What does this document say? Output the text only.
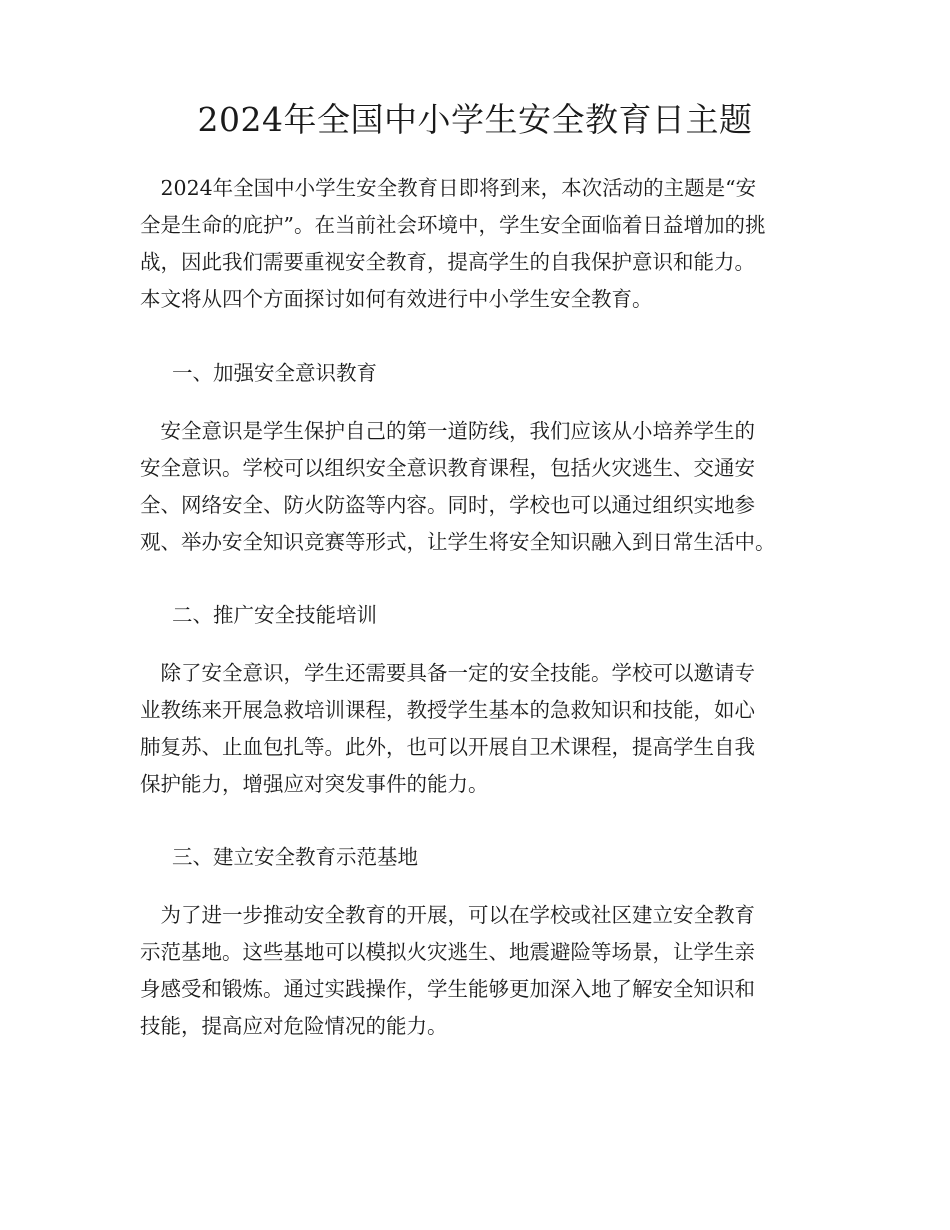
2024年全国中小学生安全教育日主题

　2024年全国中小学生安全教育日即将到来，本次活动的主题是“安

全是生命的庇护”。在当前社会环境中，学生安全面临着日益增加的挑

战，因此我们需要重视安全教育，提高学生的自我保护意识和能力。

本文将从四个方面探讨如何有效进行中小学生安全教育。

一、加强安全意识教育

　安全意识是学生保护自己的第一道防线，我们应该从小培养学生的

安全意识。学校可以组织安全意识教育课程，包括火灾逃生、交通安

全、网络安全、防火防盗等内容。同时，学校也可以通过组织实地参

观、举办安全知识竞赛等形式，让学生将安全知识融入到日常生活中。

二、推广安全技能培训

　除了安全意识，学生还需要具备一定的安全技能。学校可以邀请专

业教练来开展急救培训课程，教授学生基本的急救知识和技能，如心

肺复苏、止血包扎等。此外，也可以开展自卫术课程，提高学生自我

保护能力，增强应对突发事件的能力。

三、建立安全教育示范基地

　为了进一步推动安全教育的开展，可以在学校或社区建立安全教育

示范基地。这些基地可以模拟火灾逃生、地震避险等场景，让学生亲

身感受和锻炼。通过实践操作，学生能够更加深入地了解安全知识和

技能，提高应对危险情况的能力。
